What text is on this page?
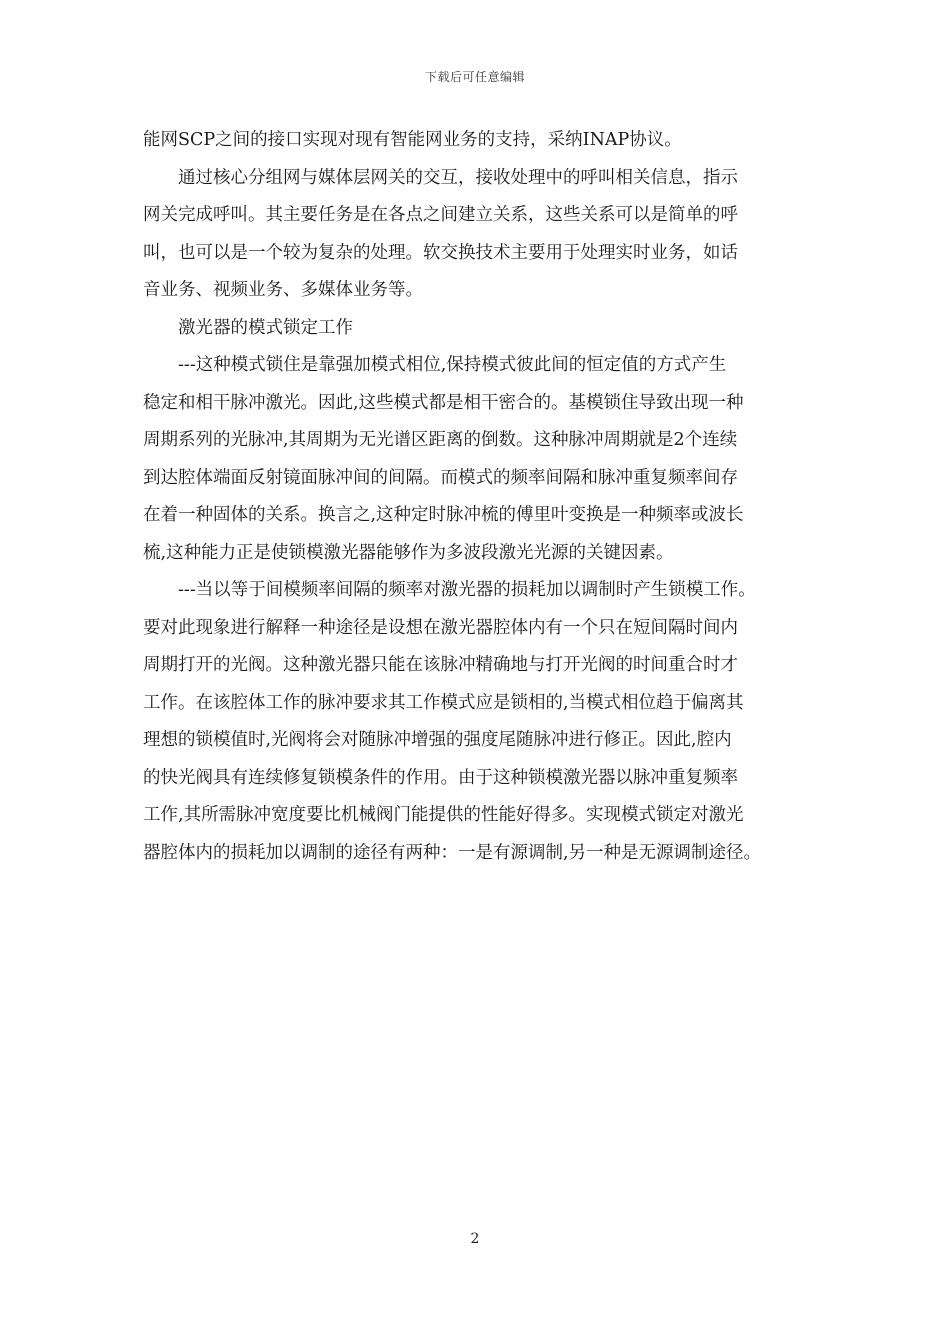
下载后可任意编辑
能网SCP之间的接口实现对现有智能网业务的支持，采纳INAP协议。
通过核心分组网与媒体层网关的交互，接收处理中的呼叫相关信息，指示
网关完成呼叫。其主要任务是在各点之间建立关系，这些关系可以是简单的呼
叫，也可以是一个较为复杂的处理。软交换技术主要用于处理实时业务，如话
音业务、视频业务、多媒体业务等。
激光器的模式锁定工作
---这种模式锁住是靠强加模式相位,保持模式彼此间的恒定值的方式产生
稳定和相干脉冲激光。因此,这些模式都是相干密合的。基模锁住导致出现一种
周期系列的光脉冲,其周期为无光谱区距离的倒数。这种脉冲周期就是2个连续
到达腔体端面反射镜面脉冲间的间隔。而模式的频率间隔和脉冲重复频率间存
在着一种固体的关系。换言之,这种定时脉冲梳的傅里叶变换是一种频率或波长
梳,这种能力正是使锁模激光器能够作为多波段激光光源的关键因素。
---当以等于间模频率间隔的频率对激光器的损耗加以调制时产生锁模工作。
要对此现象进行解释一种途径是设想在激光器腔体内有一个只在短间隔时间内
周期打开的光阀。这种激光器只能在该脉冲精确地与打开光阀的时间重合时才
工作。在该腔体工作的脉冲要求其工作模式应是锁相的,当模式相位趋于偏离其
理想的锁模值时,光阀将会对随脉冲增强的强度尾随脉冲进行修正。因此,腔内
的快光阀具有连续修复锁模条件的作用。由于这种锁模激光器以脉冲重复频率
工作,其所需脉冲宽度要比机械阀门能提供的性能好得多。实现模式锁定对激光
器腔体内的损耗加以调制的途径有两种：一是有源调制,另一种是无源调制途径。
2
